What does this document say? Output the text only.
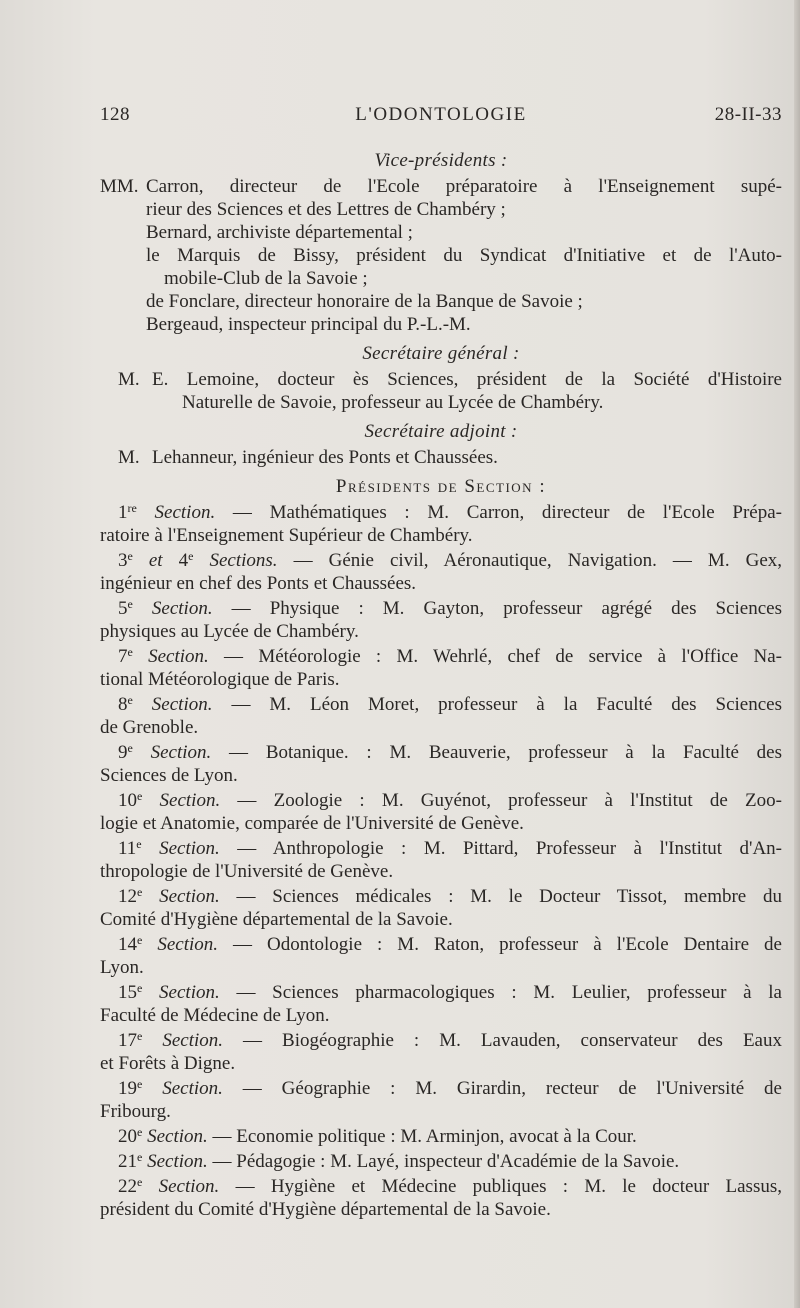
128	L'ODONTOLOGIE	28-II-33
Vice-présidents :
MM. Carron, directeur de l'Ecole préparatoire à l'Enseignement supé-
rieur des Sciences et des Lettres de Chambéry ;
Bernard, archiviste départemental ;
le Marquis de Bissy, président du Syndicat d'Initiative et de l'Auto-
mobile-Club de la Savoie ;
de Fonclare, directeur honoraire de la Banque de Savoie ;
Bergeaud, inspecteur principal du P.-L.-M.
Secrétaire général :
M. E. Lemoine, docteur ès Sciences, président de la Société d'Histoire
Naturelle de Savoie, professeur au Lycée de Chambéry.
Secrétaire adjoint :
M. Lehanneur, ingénieur des Ponts et Chaussées.
Présidents de Section :
1re Section. — Mathématiques : M. Carron, directeur de l'Ecole Prépa-
ratoire à l'Enseignement Supérieur de Chambéry.
3e et 4e Sections. — Génie civil, Aéronautique, Navigation. — M. Gex,
ingénieur en chef des Ponts et Chaussées.
5e Section. — Physique : M. Gayton, professeur agrégé des Sciences
physiques au Lycée de Chambéry.
7e Section. — Météorologie : M. Wehrlé, chef de service à l'Office Na-
tional Météorologique de Paris.
8e Section. — M. Léon Moret, professeur à la Faculté des Sciences
de Grenoble.
9e Section. — Botanique. : M. Beauverie, professeur à la Faculté des
Sciences de Lyon.
10e Section. — Zoologie : M. Guyénot, professeur à l'Institut de Zoo-
logie et Anatomie, comparée de l'Université de Genève.
11e Section. — Anthropologie : M. Pittard, Professeur à l'Institut d'An-
thropologie de l'Université de Genève.
12e Section. — Sciences médicales : M. le Docteur Tissot, membre du
Comité d'Hygiène départemental de la Savoie.
14e Section. — Odontologie : M. Raton, professeur à l'Ecole Dentaire de
Lyon.
15e Section. — Sciences pharmacologiques : M. Leulier, professeur à la
Faculté de Médecine de Lyon.
17e Section. — Biogéographie : M. Lavauden, conservateur des Eaux
et Forêts à Digne.
19e Section. — Géographie : M. Girardin, recteur de l'Université de
Fribourg.
20e Section. — Economie politique : M. Arminjon, avocat à la Cour.
21e Section. — Pédagogie : M. Layé, inspecteur d'Académie de la Savoie.
22e Section. — Hygiène et Médecine publiques : M. le docteur Lassus,
président du Comité d'Hygiène départemental de la Savoie.
